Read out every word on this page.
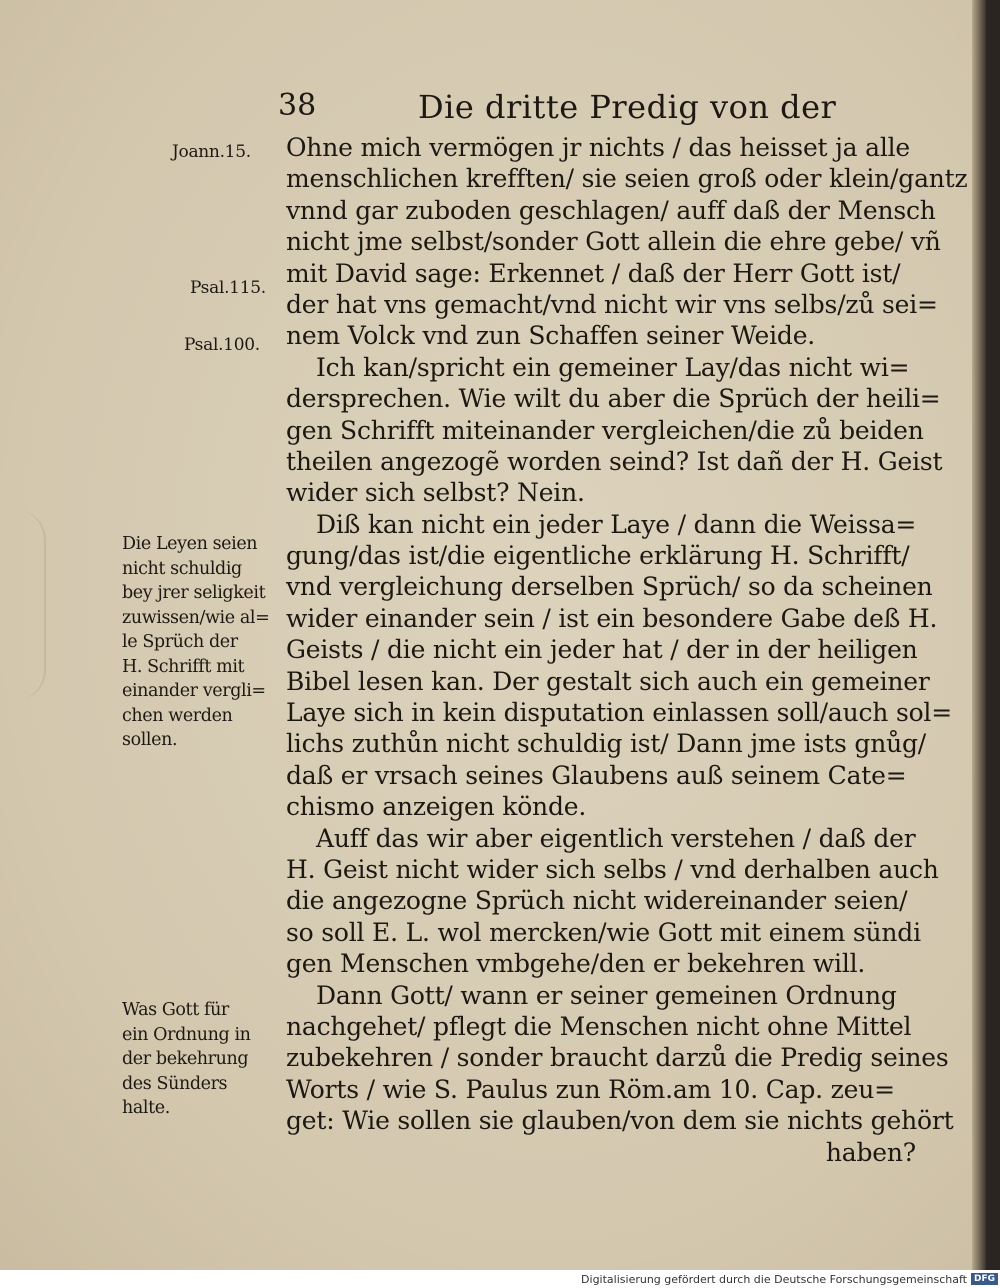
38	Die dritte Predig von der
Joann.15.
Psal.115.
Psal.100.
Die Leyen seien
nicht schuldig
bey jrer seligkeit
zuwissen/wie al=
le Sprüch der
H. Schrifft mit
einander vergli=
chen werden
sollen.
Was Gott für
ein Ordnung in
der bekehrung
des Sünders
halte.
Ohne mich vermögen jr nichts / das heisset ja alle
menschlichen krefften/ sie seien groß oder klein/gantz
vnnd gar zuboden geschlagen/ auff daß der Mensch
nicht jme selbst/sonder Gott allein die ehre gebe/ vñ
mit David sage: Erkennet / daß der Herr Gott ist/
der hat vns gemacht/vnd nicht wir vns selbs/zů sei=
nem Volck vnd zun Schaffen seiner Weide.
Ich kan/spricht ein gemeiner Lay/das nicht wi=
dersprechen. Wie wilt du aber die Sprüch der heili=
gen Schrifft miteinander vergleichen/die zů beiden
theilen angezogẽ worden seind? Ist dañ der H. Geist
wider sich selbst? Nein.
Diß kan nicht ein jeder Laye / dann die Weissa=
gung/das ist/die eigentliche erklärung H. Schrifft/
vnd vergleichung derselben Sprüch/ so da scheinen
wider einander sein / ist ein besondere Gabe deß H.
Geists / die nicht ein jeder hat / der in der heiligen
Bibel lesen kan. Der gestalt sich auch ein gemeiner
Laye sich in kein disputation einlassen soll/auch sol=
lichs zuthůn nicht schuldig ist/ Dann jme ists gnůg/
daß er vrsach seines Glaubens auß seinem Cate=
chismo anzeigen könde.
Auff das wir aber eigentlich verstehen / daß der
H. Geist nicht wider sich selbs / vnd derhalben auch
die angezogne Sprüch nicht widereinander seien/
so soll E. L. wol mercken/wie Gott mit einem sündi
gen Menschen vmbgehe/den er bekehren will.
Dann Gott/ wann er seiner gemeinen Ordnung
nachgehet/ pflegt die Menschen nicht ohne Mittel
zubekehren / sonder braucht darzů die Predig seines
Worts / wie S. Paulus zun Röm.am 10. Cap. zeu=
get: Wie sollen sie glauben/von dem sie nichts gehört
haben?
Digitalisierung gefördert durch die Deutsche Forschungsgemeinschaft DFG
